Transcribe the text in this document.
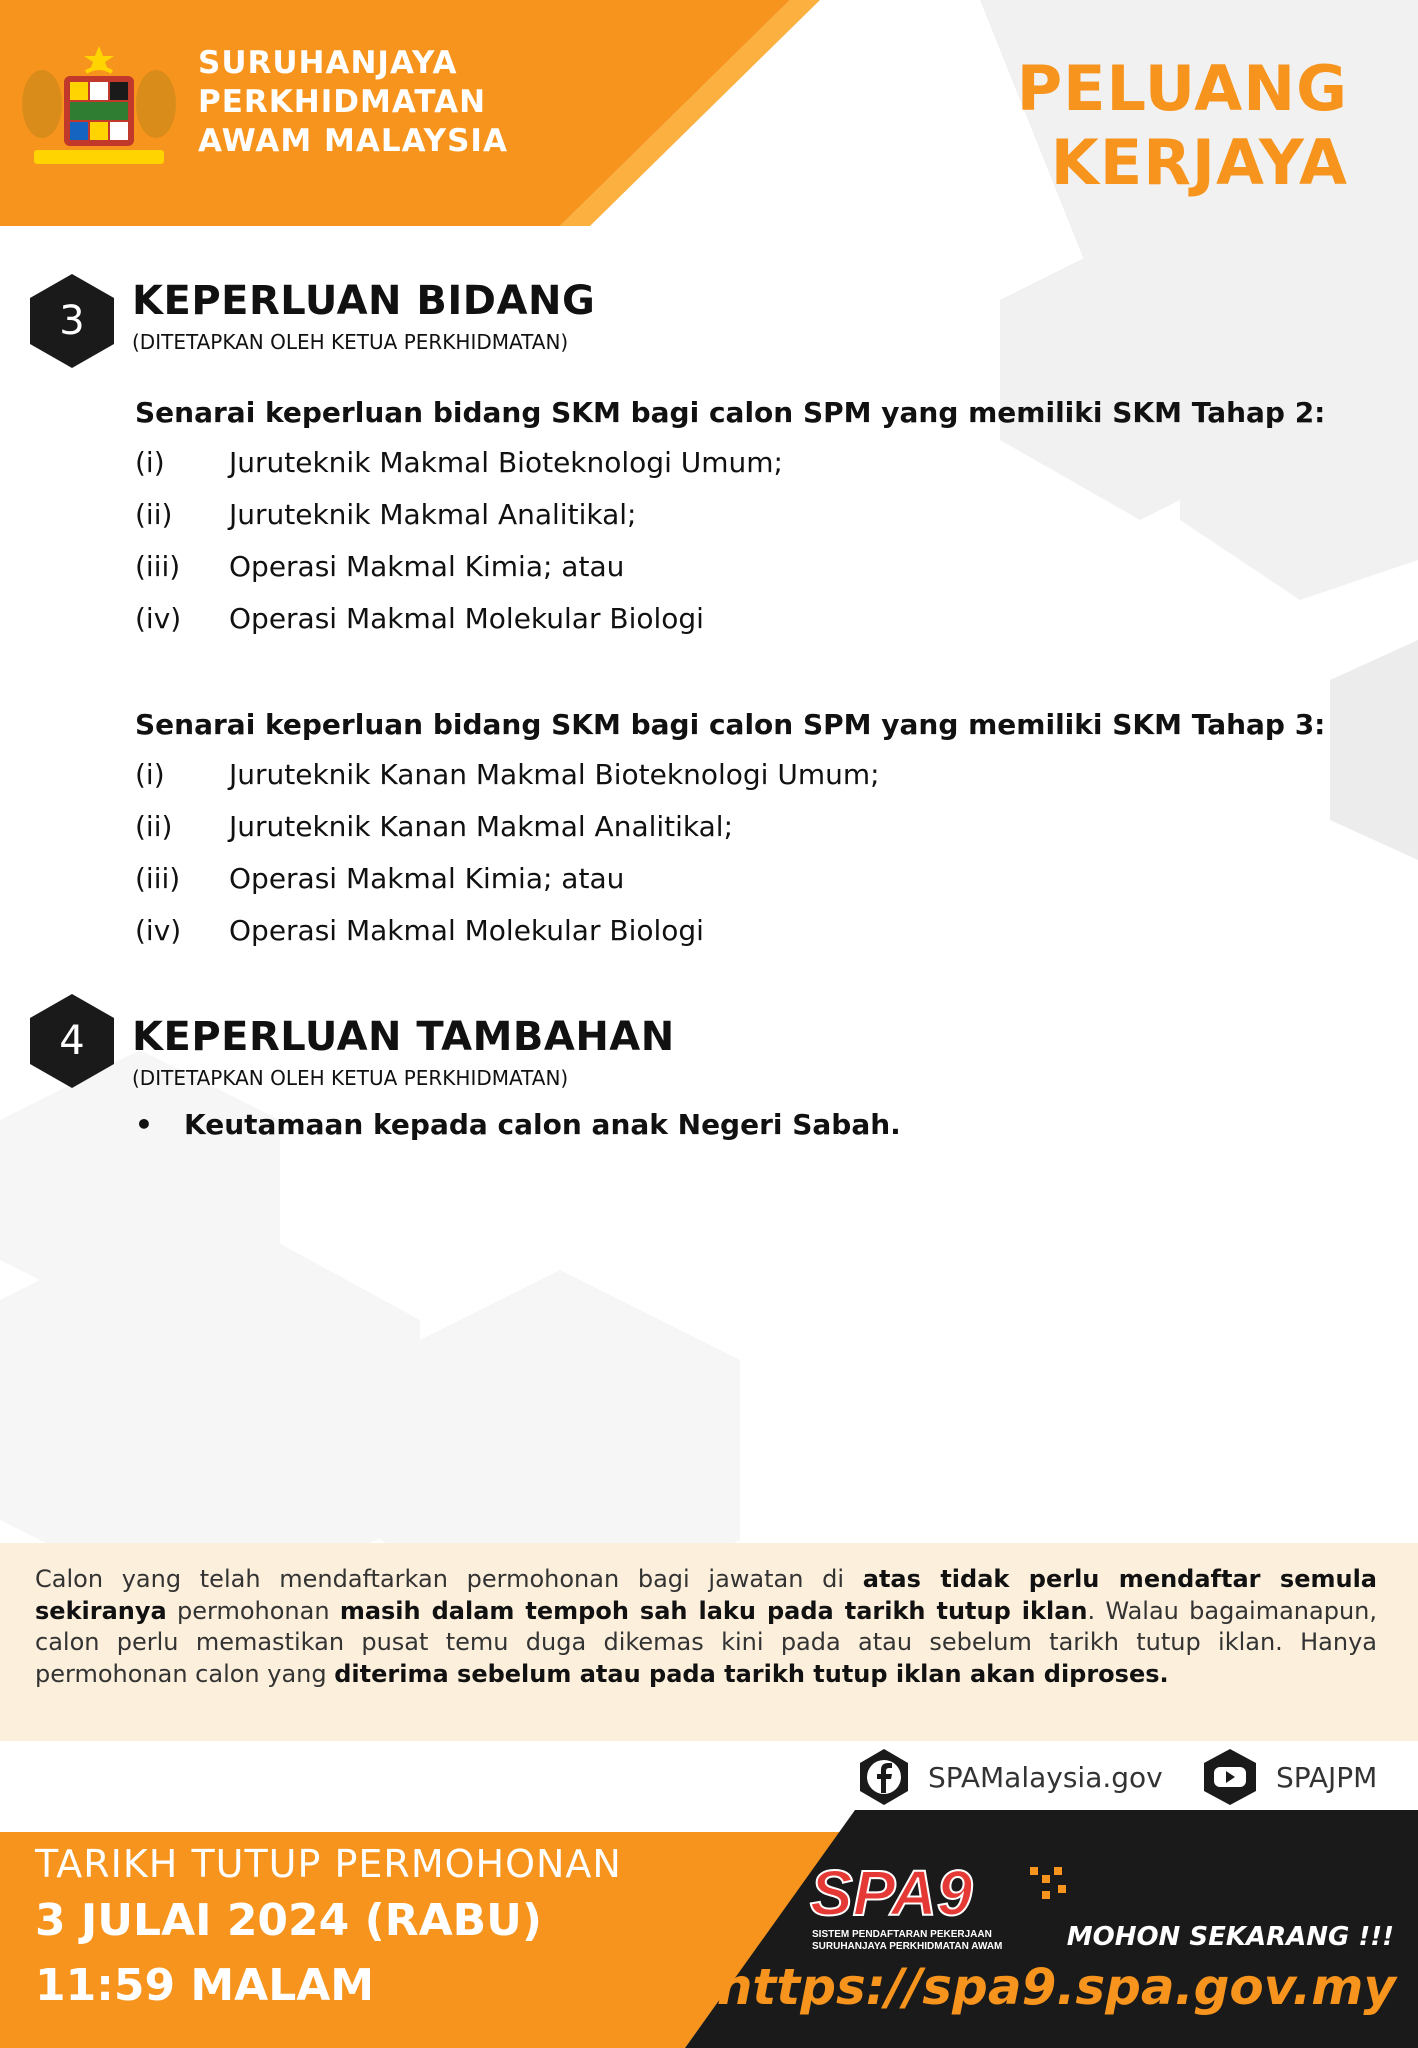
SURUHANJAYA
PERKHIDMATAN
AWAM MALAYSIA
PELUANG
KERJAYA
3	KEPERLUAN BIDANG
(DITETAPKAN OLEH KETUA PERKHIDMATAN)
Senarai keperluan bidang SKM bagi calon SPM yang memiliki SKM Tahap 2:
(i) Juruteknik Makmal Bioteknologi Umum;
(ii) Juruteknik Makmal Analitikal;
(iii) Operasi Makmal Kimia; atau
(iv) Operasi Makmal Molekular Biologi
Senarai keperluan bidang SKM bagi calon SPM yang memiliki SKM Tahap 3:
(i) Juruteknik Kanan Makmal Bioteknologi Umum;
(ii) Juruteknik Kanan Makmal Analitikal;
(iii) Operasi Makmal Kimia; atau
(iv) Operasi Makmal Molekular Biologi
4	KEPERLUAN TAMBAHAN
(DITETAPKAN OLEH KETUA PERKHIDMATAN)
• Keutamaan kepada calon anak Negeri Sabah.
Calon yang telah mendaftarkan permohonan bagi jawatan di atas tidak perlu mendaftar semula sekiranya permohonan masih dalam tempoh sah laku pada tarikh tutup iklan. Walau bagaimanapun, calon perlu memastikan pusat temu duga dikemas kini pada atau sebelum tarikh tutup iklan. Hanya permohonan calon yang diterima sebelum atau pada tarikh tutup iklan akan diproses.
SPAMalaysia.gov	SPAJPM
TARIKH TUTUP PERMOHONAN
3 JULAI 2024 (RABU)
11:59 MALAM
SPA9
SISTEM PENDAFTARAN PEKERJAAN
SURUHANJAYA PERKHIDMATAN AWAM MOHON SEKARANG !!!
https://spa9.spa.gov.my
